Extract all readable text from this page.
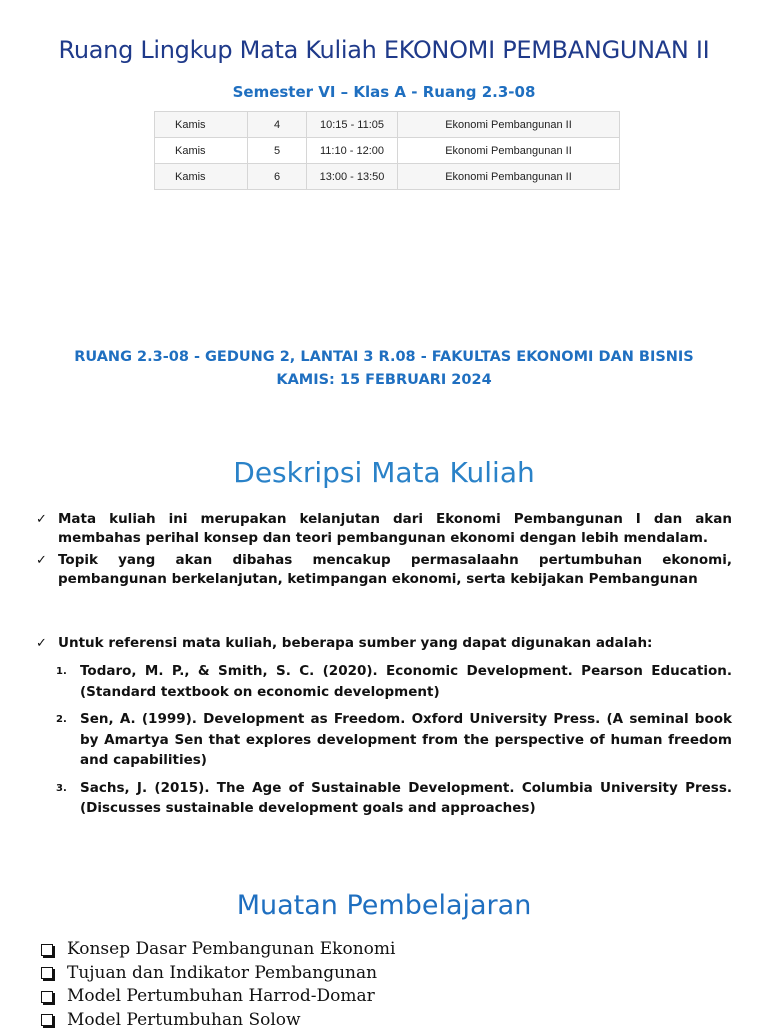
Ruang Lingkup Mata Kuliah EKONOMI PEMBANGUNAN II
Semester VI – Klas A - Ruang 2.3-08
Kamis	4	10:15 - 11:05	Ekonomi Pembangunan II
Kamis	5	11:10 - 12:00	Ekonomi Pembangunan II
Kamis	6	13:00 - 13:50	Ekonomi Pembangunan II
RUANG 2.3-08 - GEDUNG 2, LANTAI 3 R.08 - FAKULTAS EKONOMI DAN BISNIS
KAMIS: 15 FEBRUARI 2024
Deskripsi Mata Kuliah
✓ Mata kuliah ini merupakan kelanjutan dari Ekonomi Pembangunan I dan akan membahas perihal konsep dan teori pembangunan ekonomi dengan lebih mendalam.
✓ Topik yang akan dibahas mencakup permasalaahn pertumbuhan ekonomi, pembangunan berkelanjutan, ketimpangan ekonomi, serta kebijakan Pembangunan
✓ Untuk referensi mata kuliah, beberapa sumber yang dapat digunakan adalah:
1. Todaro, M. P., & Smith, S. C. (2020). Economic Development. Pearson Education. (Standard textbook on economic development)
2. Sen, A. (1999). Development as Freedom. Oxford University Press. (A seminal book by Amartya Sen that explores development from the perspective of human freedom and capabilities)
3. Sachs, J. (2015). The Age of Sustainable Development. Columbia University Press. (Discusses sustainable development goals and approaches)
Muatan Pembelajaran
Konsep Dasar Pembangunan Ekonomi
Tujuan dan Indikator Pembangunan
Model Pertumbuhan Harrod-Domar
Model Pertumbuhan Solow
